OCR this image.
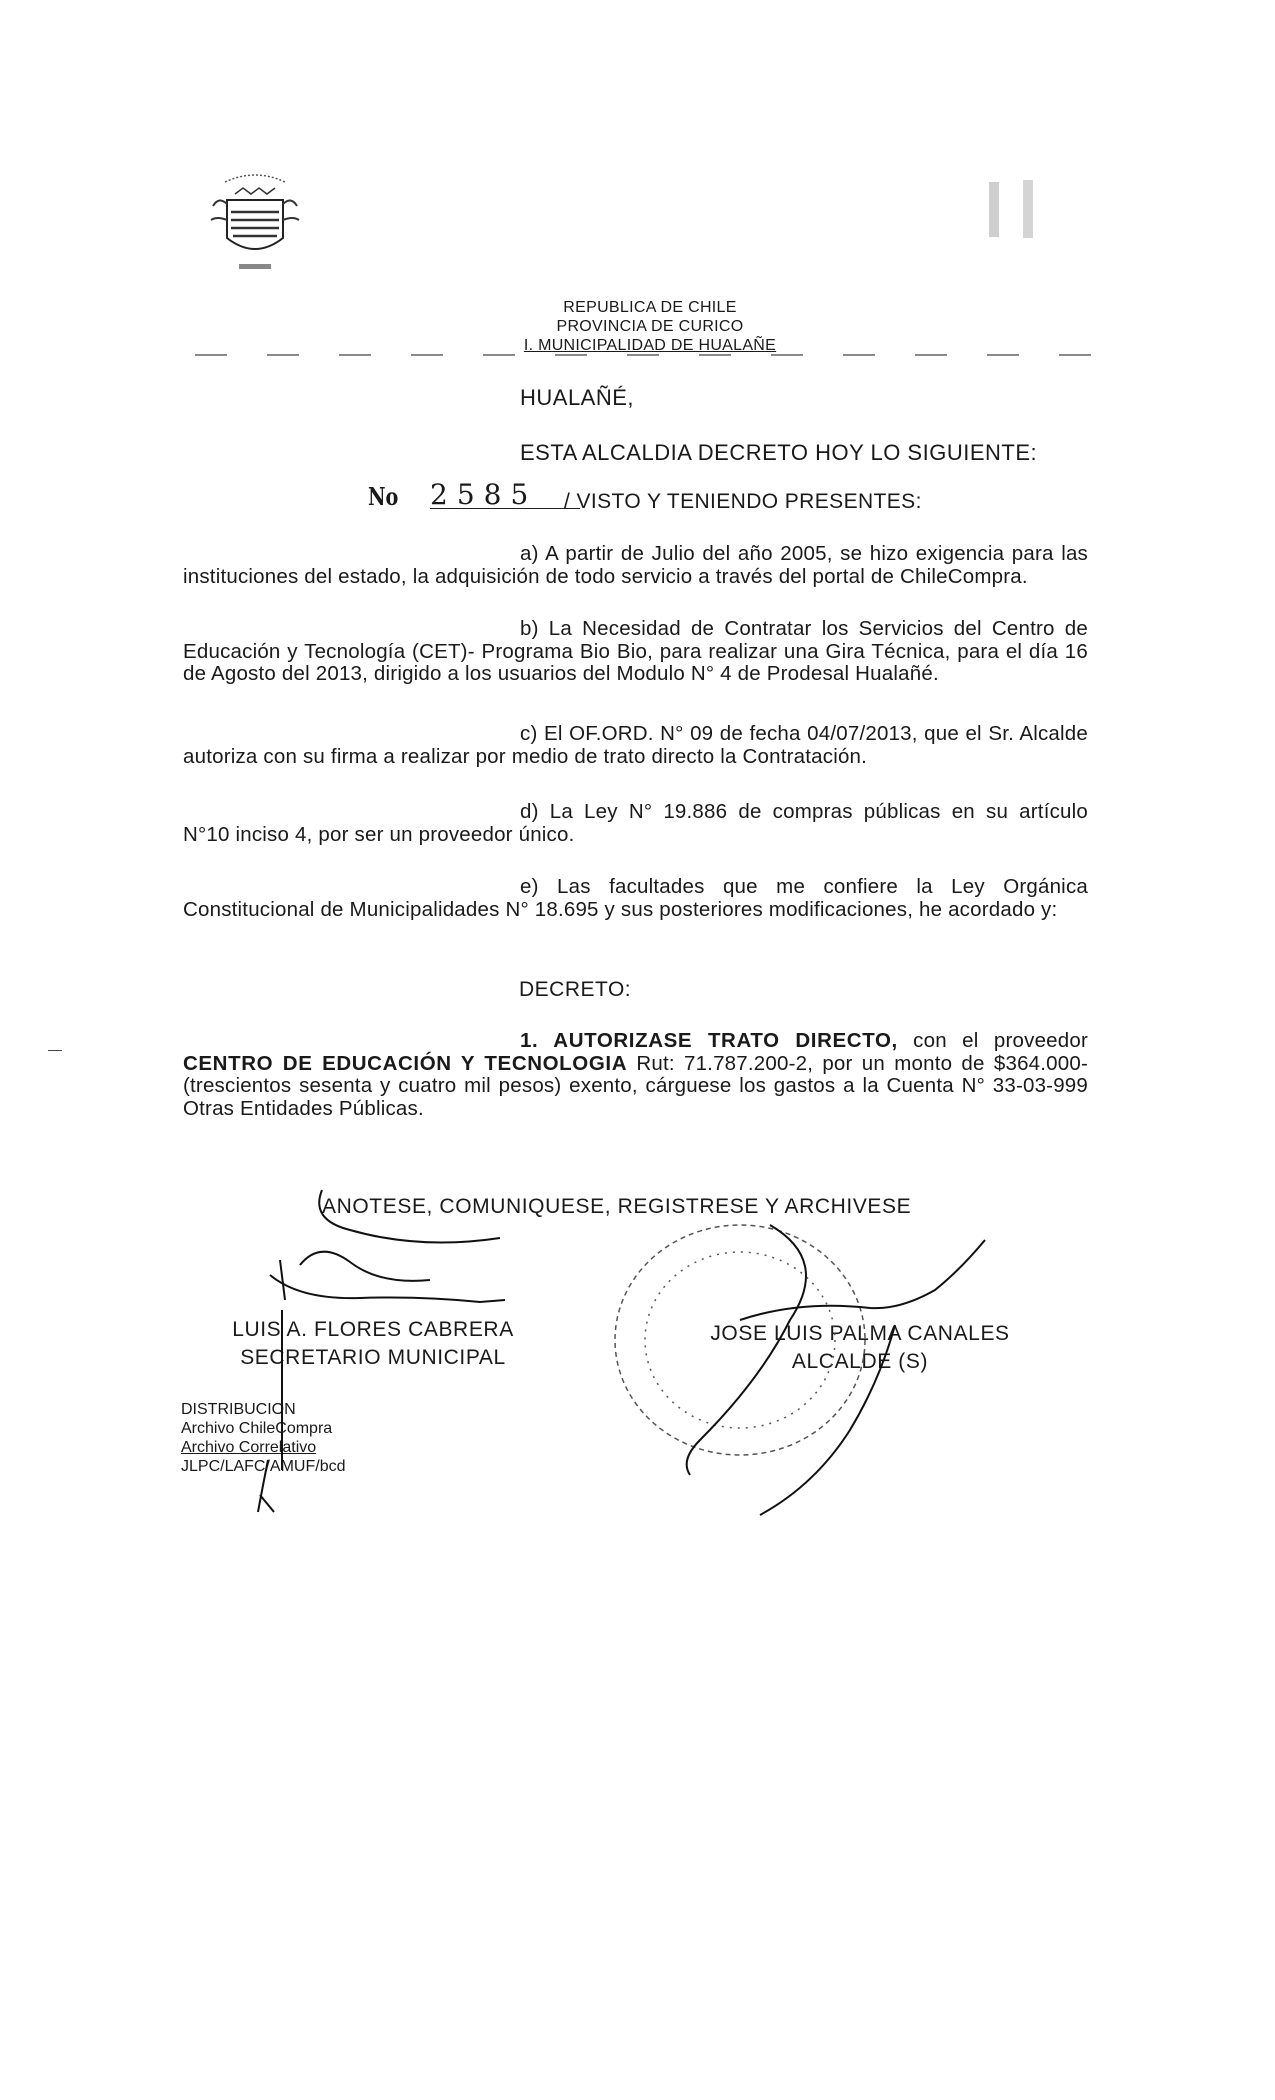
REPUBLICA DE CHILE
PROVINCIA DE CURICO
I. MUNICIPALIDAD DE HUALAÑE
HUALAÑÉ,
ESTA ALCALDIA DECRETO HOY LO SIGUIENTE:
No 2585 / VISTO Y TENIENDO PRESENTES:
a) A partir de Julio del año 2005, se hizo exigencia para las instituciones del estado, la adquisición de todo servicio a través del portal de ChileCompra.
b) La Necesidad de Contratar los Servicios del Centro de Educación y Tecnología (CET)- Programa Bio Bio, para realizar una Gira Técnica, para el día 16 de Agosto del 2013, dirigido a los usuarios del Modulo N° 4 de Prodesal Hualañé.
c) El OF.ORD. N° 09 de fecha 04/07/2013, que el Sr. Alcalde autoriza con su firma a realizar por medio de trato directo la Contratación.
d) La Ley N° 19.886 de compras públicas en su artículo N°10 inciso 4, por ser un proveedor único.
e) Las facultades que me confiere la Ley Orgánica Constitucional de Municipalidades N° 18.695 y sus posteriores modificaciones, he acordado y:
DECRETO:
1. AUTORIZASE TRATO DIRECTO, con el proveedor CENTRO DE EDUCACIÓN Y TECNOLOGIA Rut: 71.787.200-2, por un monto de $364.000- (trescientos sesenta y cuatro mil pesos) exento, cárguese los gastos a la Cuenta N° 33-03-999 Otras Entidades Públicas.
ANOTESE, COMUNIQUESE, REGISTRESE Y ARCHIVESE
LUIS A. FLORES CABRERA
SECRETARIO MUNICIPAL
JOSE LUIS PALMA CANALES
ALCALDE (S)
DISTRIBUCION
Archivo ChileCompra
Archivo Correlativo
JLPC/LAFC/AMUF/bcd
